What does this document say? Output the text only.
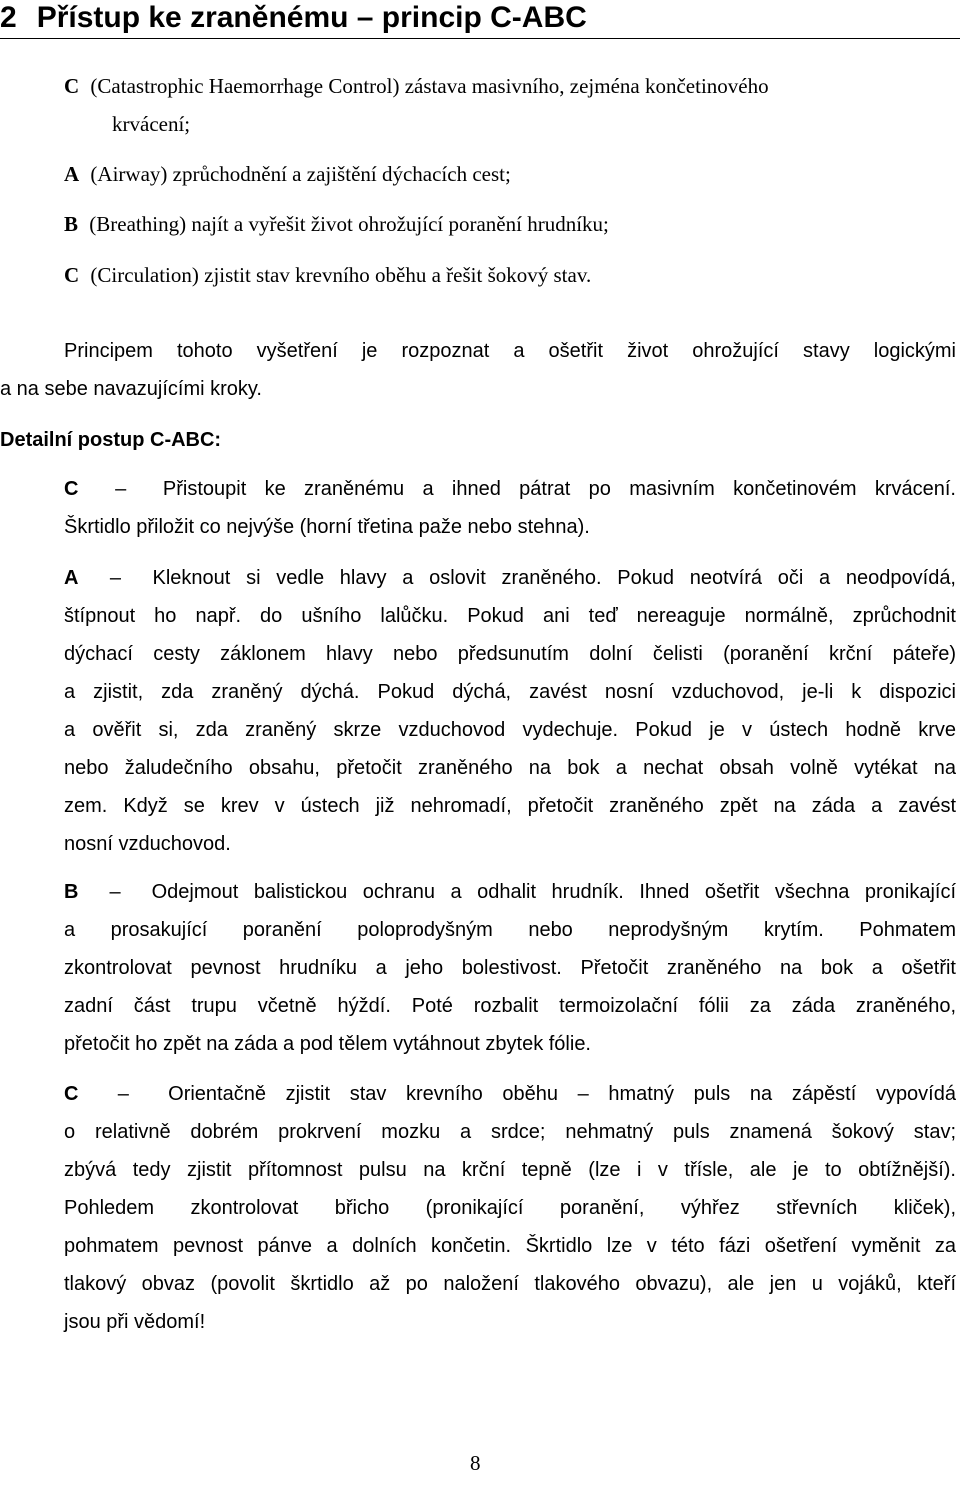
2 Přístup ke zraněnému – princip C-ABC
C (Catastrophic Haemorrhage Control) zástava masivního, zejména končetinového
krvácení;
A (Airway) zprůchodnění a zajištění dýchacích cest;
B (Breathing) najít a vyřešit život ohrožující poranění hrudníku;
C (Circulation) zjistit stav krevního oběhu a řešit šokový stav.
Principem tohoto vyšetření je rozpoznat a ošetřit život ohrožující stavy logickými
a na sebe navazujícími kroky.
Detailní postup C-ABC:
C  –  Přistoupit ke zraněnému a ihned pátrat po masivním končetinovém krvácení.
Škrtidlo přiložit co nejvýše (horní třetina paže nebo stehna).
A  –  Kleknout si vedle hlavy a oslovit zraněného. Pokud neotvírá oči a neodpovídá,
štípnout ho např. do ušního lalůčku. Pokud ani teď nereaguje normálně, zprůchodnit
dýchací cesty záklonem hlavy nebo předsunutím dolní čelisti (poranění krční páteře)
a zjistit, zda zraněný dýchá. Pokud dýchá, zavést nosní vzduchovod, je-li k dispozici
a ověřit si, zda zraněný skrze vzduchovod vydechuje. Pokud je v ústech hodně krve
nebo žaludečního obsahu, přetočit zraněného na bok a nechat obsah volně vytékat na
zem. Když se krev v ústech již nehromadí, přetočit zraněného zpět na záda a zavést
nosní vzduchovod.
B  –  Odejmout balistickou ochranu a odhalit hrudník. Ihned ošetřit všechna pronikající
a prosakující poranění poloprodyšným nebo neprodyšným krytím. Pohmatem
zkontrolovat pevnost hrudníku a jeho bolestivost. Přetočit zraněného na bok a ošetřit
zadní část trupu včetně hýždí. Poté rozbalit termoizolační fólii za záda zraněného,
přetočit ho zpět na záda a pod tělem vytáhnout zbytek fólie.
C  –  Orientačně zjistit stav krevního oběhu – hmatný puls na zápěstí vypovídá
o relativně dobrém prokrvení mozku a srdce; nehmatný puls znamená šokový stav;
zbývá tedy zjistit přítomnost pulsu na krční tepně (lze i v třísle, ale je to obtížnější).
Pohledem zkontrolovat břicho (pronikající poranění, výhřez střevních kliček),
pohmatem pevnost pánve a dolních končetin. Škrtidlo lze v této fázi ošetření vyměnit za
tlakový obvaz (povolit škrtidlo až po naložení tlakového obvazu), ale jen u vojáků, kteří
jsou při vědomí!
8
